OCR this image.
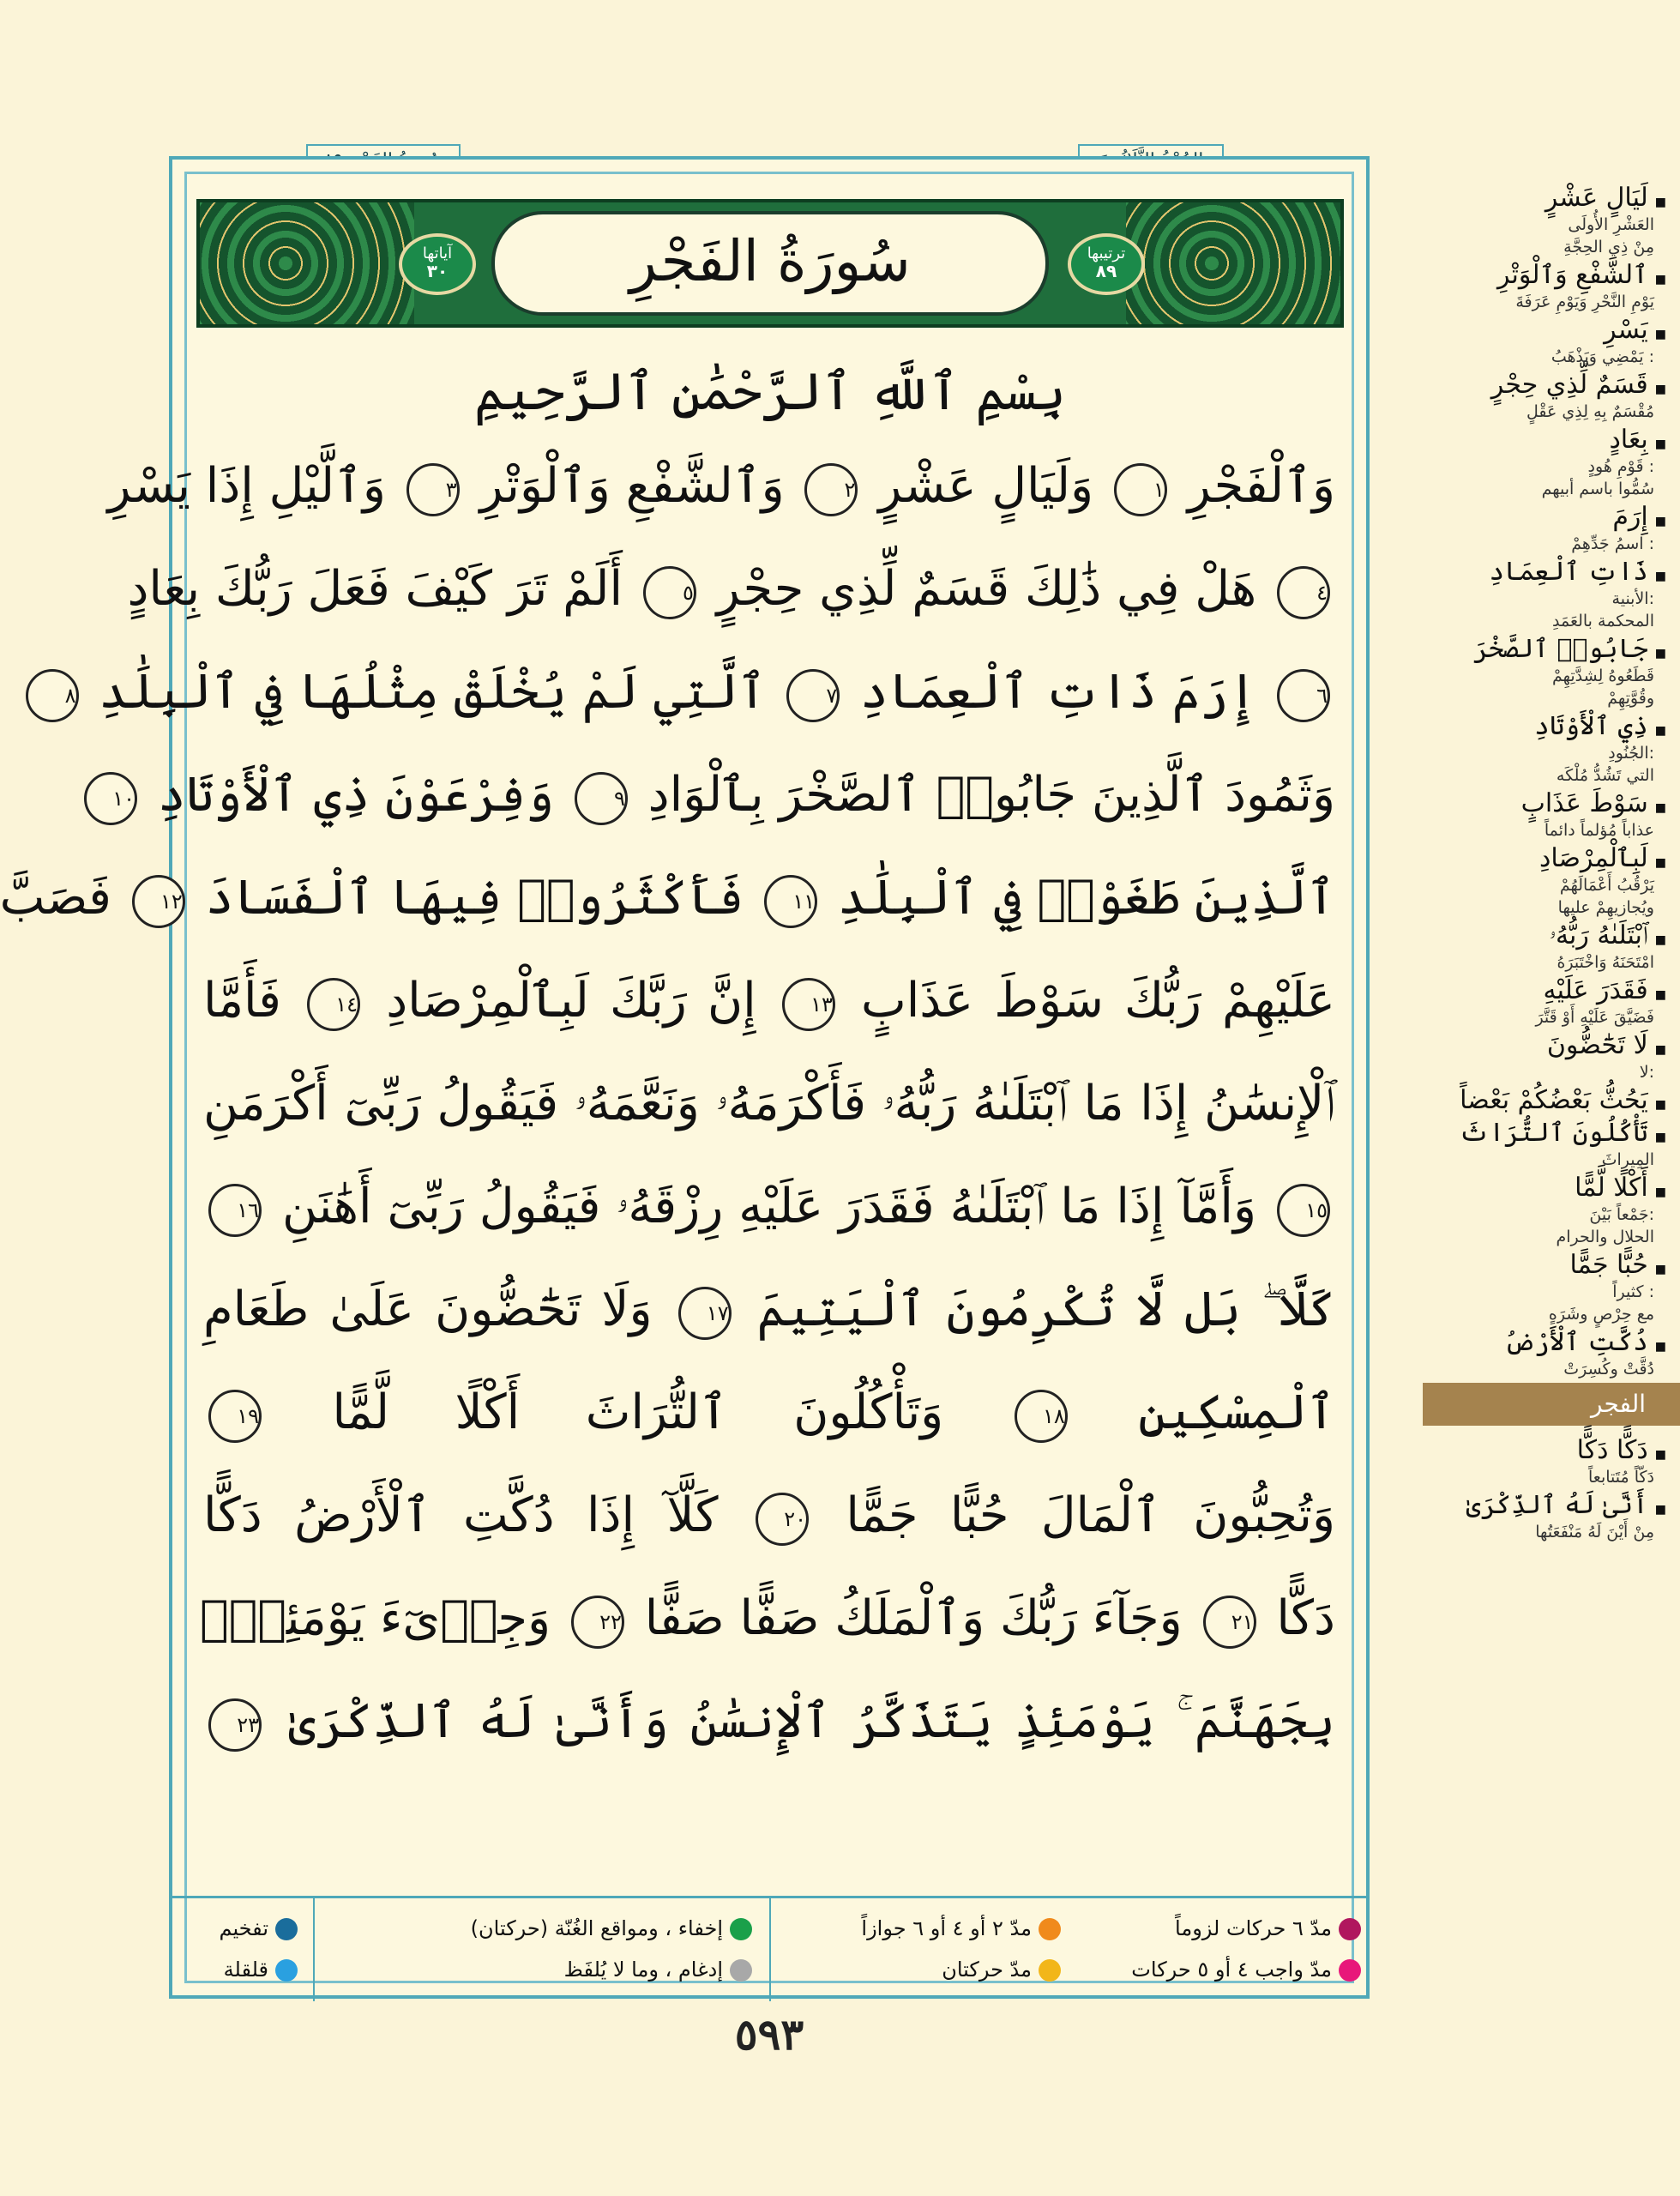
آياتها
٣٠	سُورَةُ الفَجْرِ	ترتيبها
٨٩
بِسْمِ ٱللَّهِ ٱلرَّحْمَٰنِ ٱلرَّحِيمِ
وَٱلْفَجْرِ ١ وَلَيَالٍ عَشْرٍ ٢ وَٱلشَّفْعِ وَٱلْوَتْرِ ٣ وَٱلَّيْلِ إِذَا يَسْرِ
٤ هَلْ فِي ذَٰلِكَ قَسَمٌ لِّذِي حِجْرٍ ٥ أَلَمْ تَرَ كَيْفَ فَعَلَ رَبُّكَ بِعَادٍ
٦ إِرَمَ ذَاتِ ٱلْعِمَادِ ٧ ٱلَّتِي لَمْ يُخْلَقْ مِثْلُهَا فِي ٱلْبِلَٰدِ ٨
وَثَمُودَ ٱلَّذِينَ جَابُوا۟ ٱلصَّخْرَ بِٱلْوَادِ ٩ وَفِرْعَوْنَ ذِي ٱلْأَوْتَادِ ١٠
ٱلَّذِينَ طَغَوْا۟ فِي ٱلْبِلَٰدِ ١١ فَأَكْثَرُوا۟ فِيهَا ٱلْفَسَادَ ١٢ فَصَبَّ
عَلَيْهِمْ رَبُّكَ سَوْطَ عَذَابٍ ١٣ إِنَّ رَبَّكَ لَبِٱلْمِرْصَادِ ١٤ فَأَمَّا
ٱلْإِنسَٰنُ إِذَا مَا ٱبْتَلَىٰهُ رَبُّهُۥ فَأَكْرَمَهُۥ وَنَعَّمَهُۥ فَيَقُولُ رَبِّىٓ أَكْرَمَنِ
١٥ وَأَمَّآ إِذَا مَا ٱبْتَلَىٰهُ فَقَدَرَ عَلَيْهِ رِزْقَهُۥ فَيَقُولُ رَبِّىٓ أَهَٰنَنِ ١٦
كَلَّا ۖ بَل لَّا تُكْرِمُونَ ٱلْيَتِيمَ ١٧ وَلَا تَحَٰٓضُّونَ عَلَىٰ طَعَامِ
ٱلْمِسْكِينِ ١٨ وَتَأْكُلُونَ ٱلتُّرَاثَ أَكْلًا لَّمًّا ١٩
وَتُحِبُّونَ ٱلْمَالَ حُبًّا جَمًّا ٢٠ كَلَّآ إِذَا دُكَّتِ ٱلْأَرْضُ دَكًّا
دَكًّا ٢١ وَجَآءَ رَبُّكَ وَٱلْمَلَكُ صَفًّا صَفًّا ٢٢ وَجِا۟ىٓءَ يَوْمَئِذٍۭ
بِجَهَنَّمَ ۚ يَوْمَئِذٍ يَتَذَكَّرُ ٱلْإِنسَٰنُ وَأَنَّىٰ لَهُ ٱلذِّكْرَىٰ ٢٣
مدّ ٦ حركات لزوماً
مدّ ٢ أو ٤ أو ٦ جوازاً
إخفاء ، ومواقع الغُنّة (حركتان)
تفخيم
مدّ واجب ٤ أو ٥ حركات
مدّ حركتان
إدغام ، وما لا يُلفَظ
قلقلة
٥٩٣
الفجر
■ لَيَالٍ عَشْرٍ
العَشْرِ الأُولَى
مِنْ ذِي الحِجَّةِ
■ ٱلشَّفْعِ وَٱلْوَتْرِ
يَوْمِ النَّحْرِ وَيَوْمِ عَرَفَةَ
■ يَسْرِ
: يَمْضِي وَيَذْهَبُ
■ قَسَمٌ لِّذِي حِجْرٍ
مُقْسَمٌ بِهِ لِذِي عَقْلٍ
■ بِعَادٍ
: قَوْمِ هُودٍ
سُمُّوا باسم أبيهم
■ إِرَمَ
: اسمُ جَدِّهِمْ
■ ذَاتِ ٱلْعِمَادِ
:الأبنية
المحكمة بالعَمَدِ
■ جَابُوا۟ ٱلصَّخْرَ
قَطَعُوهُ لِشِدَّتِهِمْ
وقُوَّتِهِمْ
■ ذِي ٱلْأَوْتَادِ
:الجُنُودِ
التي تَشُدُّ مُلْكَه
■ سَوْطَ عَذَابٍ
عذاباً مُؤلماً دائماً
■ لَبِٱلْمِرْصَادِ
يَرْقُبُ أَعْمَالَهُمْ
ويُجازيهِمْ عليها
■ ٱبْتَلَىٰهُ رَبُّهُۥ
امْتَحَنَهُ وَاخْتَبَرَهُ
■ فَقَدَرَ عَلَيْهِ
فَضَيَّقَ عَلَيْهِ أَوْ قَتَّرَ
■ لَا تَحَٰٓضُّونَ
:لا
■ يَحُثُّ بَعْضُكُمْ بَعْضاً
■ تَأْكُلُونَ ٱلتُّرَاثَ
المِيراثَ
■ أَكْلًا لَّمًّا
:جَمْعاً بَيْنَ
الحلال والحرام
■ حُبًّا جَمًّا
: كثيراً
مع حِرْصٍ وشَرَهٍ
■ دُكَّتِ ٱلْأَرْضُ
دُقَّتْ وكُسِرَتْ
■ دَكًّا دَكًّا
دَكّاً مُتَتابعاً
■ أَنَّىٰ لَهُ ٱلذِّكْرَىٰ
مِنْ أَيْنَ لَهُ مَنْفَعَتُها
